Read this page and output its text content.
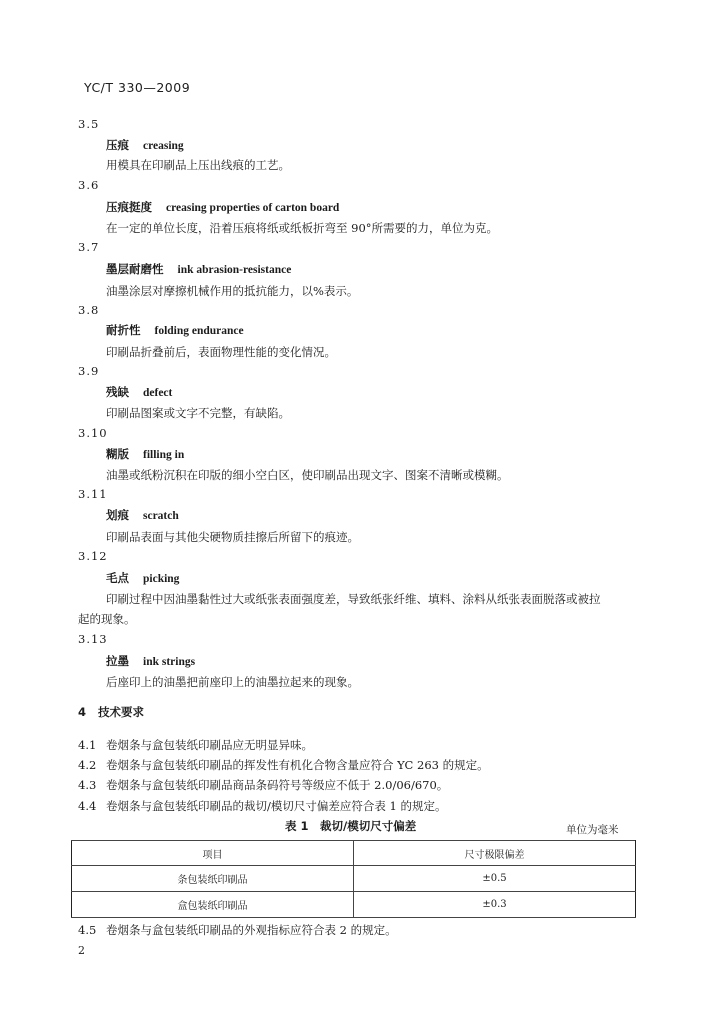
YC/T 330—2009
3.5
压痕 creasing
用模具在印刷品上压出线痕的工艺。
3.6
压痕挺度 creasing properties of carton board
在一定的单位长度，沿着压痕将纸或纸板折弯至 90°所需要的力，单位为克。
3.7
墨层耐磨性 ink abrasion-resistance
油墨涂层对摩擦机械作用的抵抗能力，以%表示。
3.8
耐折性 folding endurance
印刷品折叠前后，表面物理性能的变化情况。
3.9
残缺 defect
印刷品图案或文字不完整，有缺陷。
3.10
糊版 filling in
油墨或纸粉沉积在印版的细小空白区，使印刷品出现文字、图案不清晰或模糊。
3.11
划痕 scratch
印刷品表面与其他尖硬物质挂擦后所留下的痕迹。
3.12
毛点 picking
印刷过程中因油墨黏性过大或纸张表面强度差，导致纸张纤维、填料、涂料从纸张表面脱落或被拉
起的现象。
3.13
拉墨 ink strings
后座印上的油墨把前座印上的油墨拉起来的现象。
4 技术要求
4.1 卷烟条与盒包装纸印刷品应无明显异味。
4.2 卷烟条与盒包装纸印刷品的挥发性有机化合物含量应符合 YC 263 的规定。
4.3 卷烟条与盒包装纸印刷品商品条码符号等级应不低于 2.0/06/670。
4.4 卷烟条与盒包装纸印刷品的裁切/模切尺寸偏差应符合表 1 的规定。
表 1　裁切/模切尺寸偏差	单位为毫米
项目	尺寸极限偏差
条包装纸印刷品	±0.5
盒包装纸印刷品	±0.3
4.5 卷烟条与盒包装纸印刷品的外观指标应符合表 2 的规定。
2
